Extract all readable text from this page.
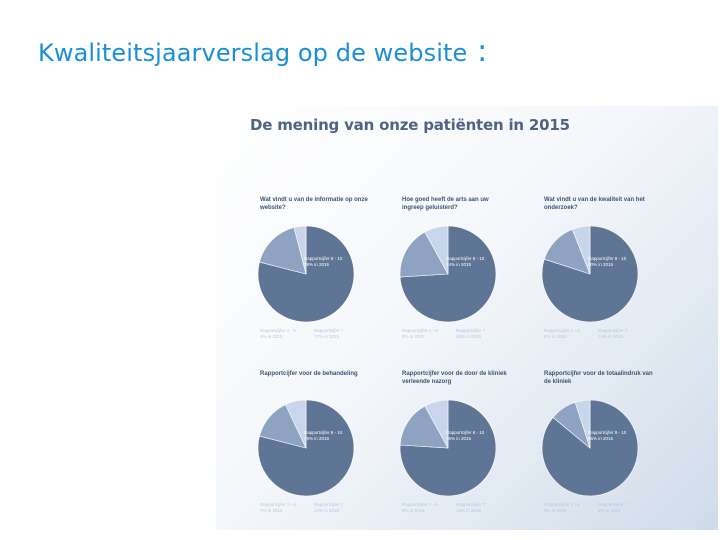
Kwaliteitsjaarverslag op de website :
De mening van onze patiënten in 2015
Wat vindt u van de informatie op onze website?
Rapportcijfer 8 - 10
79% in 2015
Rapportcijfer 1 - 6
4% in 2015
Rapportcijfer 7
17% in 2015
Hoe goed heeft de arts aan uw ingreep geluisterd?
Rapportcijfer 8 - 10
74% in 2015
Rapportcijfer 1 - 6
8% in 2015
Rapportcijfer 7
18% in 2015
Wat vindt u van de kwaliteit van het onderzoek?
Rapportcijfer 8 - 10
80% in 2015
Rapportcijfer 1 - 6
6% in 2015
Rapportcijfer 7
14% in 2015
Rapportcijfer voor de behandeling
Rapportcijfer 8 - 10
79% in 2015
Rapportcijfer 1 - 6
7% in 2015
Rapportcijfer 7
14% in 2015
Rapportcijfer voor de door de kliniek verleende nazorg
Rapportcijfer 8 - 10
76% in 2015
Rapportcijfer 1 - 6
8% in 2015
Rapportcijfer 7
16% in 2015
Rapportcijfer voor de totaalindruk van de kliniek
Rapportcijfer 8 - 10
86% in 2015
Rapportcijfer 1 - 6
5% in 2015
Rapportcijfer 7
9% in 2015
